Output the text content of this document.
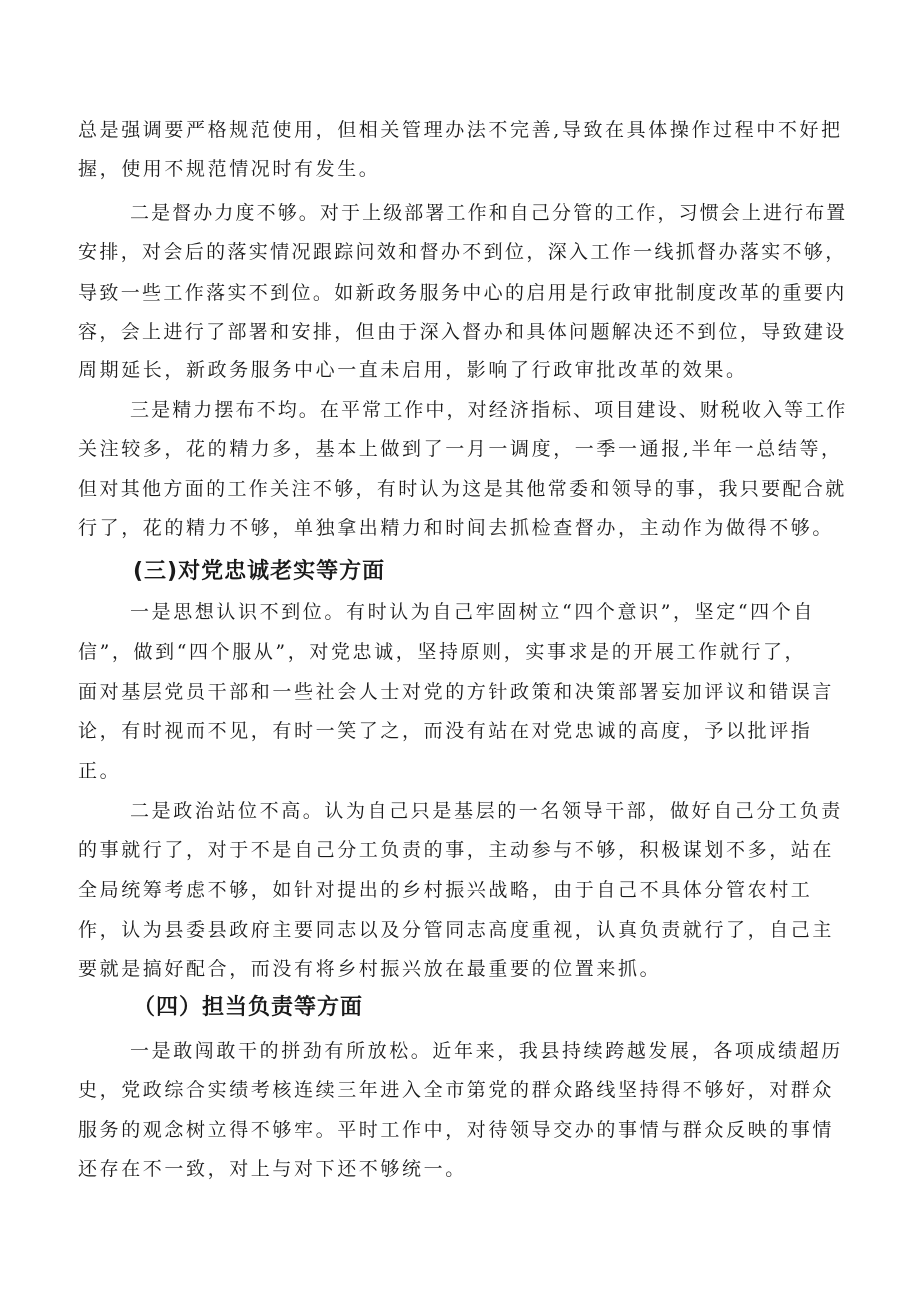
总是强调要严格规范使用，但相关管理办法不完善,导致在具体操作过程中不好把
握，使用不规范情况时有发生。
二是督办力度不够。对于上级部署工作和自己分管的工作，习惯会上进行布置
安排，对会后的落实情况跟踪问效和督办不到位，深入工作一线抓督办落实不够，
导致一些工作落实不到位。如新政务服务中心的启用是行政审批制度改革的重要内
容，会上进行了部署和安排，但由于深入督办和具体问题解决还不到位，导致建设
周期延长，新政务服务中心一直未启用，影响了行政审批改革的效果。
三是精力摆布不均。在平常工作中，对经济指标、项目建设、财税收入等工作
关注较多，花的精力多，基本上做到了一月一调度，一季一通报,半年一总结等，
但对其他方面的工作关注不够，有时认为这是其他常委和领导的事，我只要配合就
行了，花的精力不够，单独拿出精力和时间去抓检查督办，主动作为做得不够。
(三)对党忠诚老实等方面
一是思想认识不到位。有时认为自己牢固树立“四个意识”，坚定“四个自
信”，做到“四个服从”，对党忠诚，坚持原则，实事求是的开展工作就行了，
面对基层党员干部和一些社会人士对党的方针政策和决策部署妄加评议和错误言
论，有时视而不见，有时一笑了之，而没有站在对党忠诚的高度，予以批评指
正。
二是政治站位不高。认为自己只是基层的一名领导干部，做好自己分工负责
的事就行了，对于不是自己分工负责的事，主动参与不够，积极谋划不多，站在
全局统筹考虑不够，如针对提出的乡村振兴战略，由于自己不具体分管农村工
作，认为县委县政府主要同志以及分管同志高度重视，认真负责就行了，自己主
要就是搞好配合，而没有将乡村振兴放在最重要的位置来抓。
（四）担当负责等方面
一是敢闯敢干的拼劲有所放松。近年来，我县持续跨越发展，各项成绩超历
史，党政综合实绩考核连续三年进入全市第党的群众路线坚持得不够好，对群众
服务的观念树立得不够牢。平时工作中，对待领导交办的事情与群众反映的事情
还存在不一致，对上与对下还不够统一。
